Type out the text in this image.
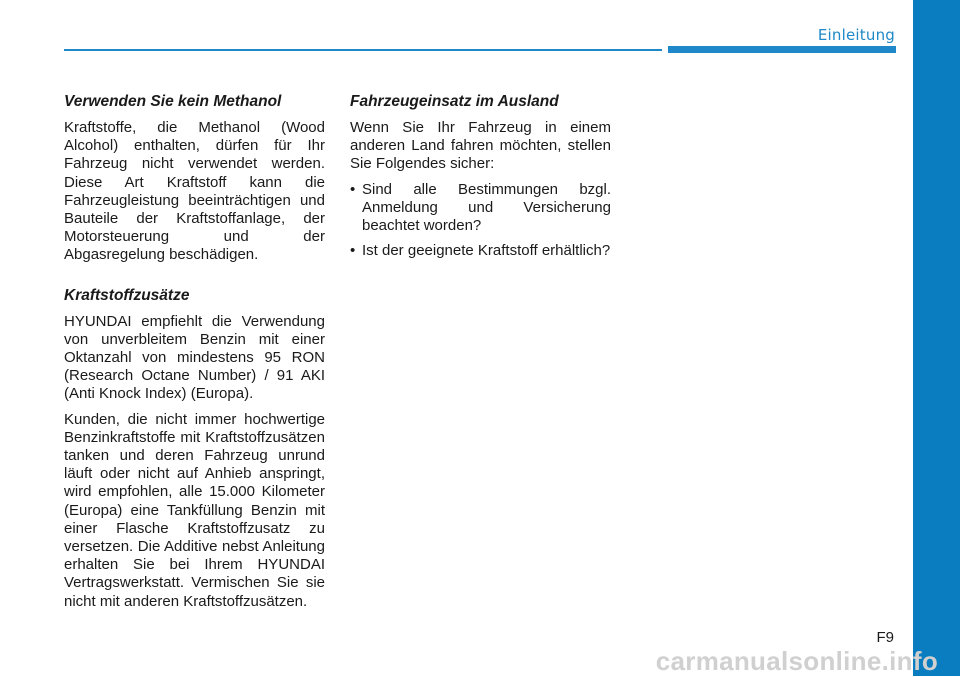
Einleitung
Verwenden Sie kein Methanol

Kraftstoffe, die Methanol (Wood Alcohol) enthalten, dürfen für Ihr Fahrzeug nicht verwendet werden. Diese Art Kraftstoff kann die Fahrzeugleistung beeinträchtigen und Bauteile der Kraftstoffanlage, der Motorsteuerung und der Abgasregelung beschädigen.

Kraftstoffzusätze

HYUNDAI empfiehlt die Verwendung von unverbleitem Benzin mit einer Oktanzahl von mindestens 95 RON (Research Octane Number) / 91 AKI (Anti Knock Index) (Europa).

Kunden, die nicht immer hochwertige Benzinkraftstoffe mit Kraftstoffzusätzen tanken und deren Fahrzeug unrund läuft oder nicht auf Anhieb anspringt, wird empfohlen, alle 15.000 Kilometer (Europa) eine Tankfüllung Benzin mit einer Flasche Kraftstoffzusatz zu versetzen. Die Additive nebst Anleitung erhalten Sie bei Ihrem HYUNDAI Vertragswerkstatt. Vermischen Sie sie nicht mit anderen Kraftstoffzusätzen.

Fahrzeugeinsatz im Ausland

Wenn Sie Ihr Fahrzeug in einem anderen Land fahren möchten, stellen Sie Folgendes sicher:

• Sind alle Bestimmungen bzgl. Anmeldung und Versicherung beachtet worden?
• Ist der geeignete Kraftstoff erhältlich?
F9
carmanualsonline.info
